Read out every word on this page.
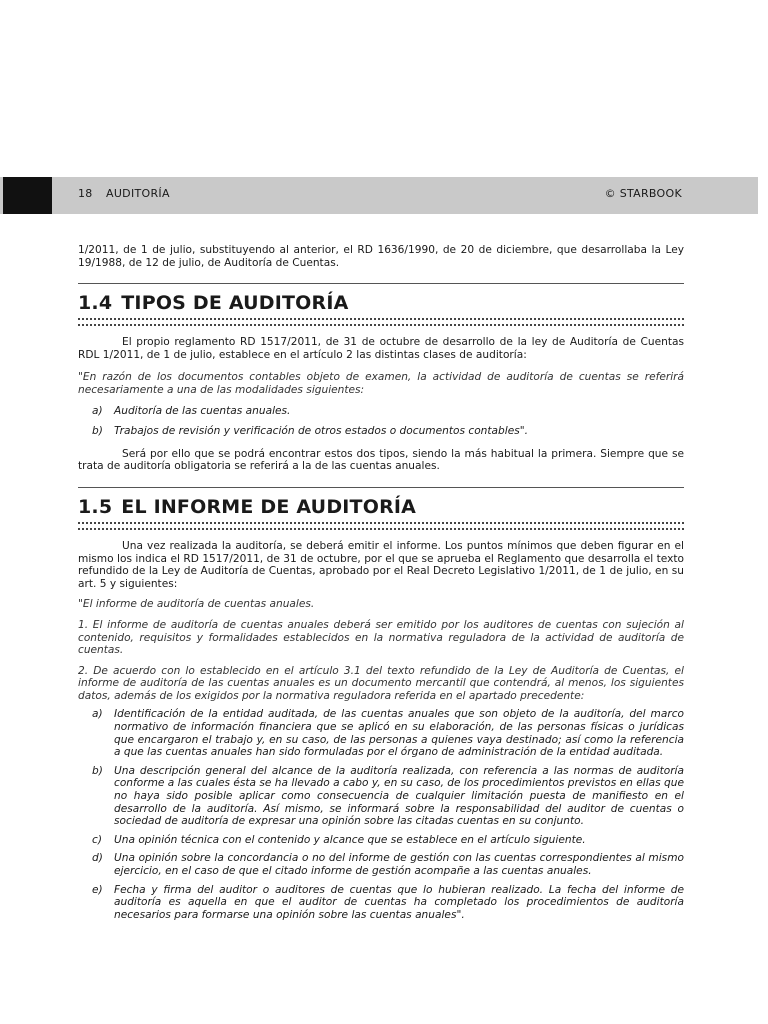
18 AUDITORÍA	© STARBOOK

1/2011, de 1 de julio, substituyendo al anterior, el RD 1636/1990, de 20 de diciembre, que desarrollaba la Ley 19/1988, de 12 de julio, de Auditoría de Cuentas.

1.4 TIPOS DE AUDITORÍA

El propio reglamento RD 1517/2011, de 31 de octubre de desarrollo de la ley de Auditoría de Cuentas RDL 1/2011, de 1 de julio, establece en el artículo 2 las distintas clases de auditoría:

"En razón de los documentos contables objeto de examen, la actividad de auditoría de cuentas se referirá necesariamente a una de las modalidades siguientes:

a)	Auditoría de las cuentas anuales.
b)	Trabajos de revisión y verificación de otros estados o documentos contables".

Será por ello que se podrá encontrar estos dos tipos, siendo la más habitual la primera. Siempre que se trata de auditoría obligatoria se referirá a la de las cuentas anuales.

1.5 EL INFORME DE AUDITORÍA

Una vez realizada la auditoría, se deberá emitir el informe. Los puntos mínimos que deben figurar en el mismo los indica el RD 1517/2011, de 31 de octubre, por el que se aprueba el Reglamento que desarrolla el texto refundido de la Ley de Auditoría de Cuentas, aprobado por el Real Decreto Legislativo 1/2011, de 1 de julio, en su art. 5 y siguientes:

"El informe de auditoría de cuentas anuales.

1. El informe de auditoría de cuentas anuales deberá ser emitido por los auditores de cuentas con sujeción al contenido, requisitos y formalidades establecidos en la normativa reguladora de la actividad de auditoría de cuentas.

2. De acuerdo con lo establecido en el artículo 3.1 del texto refundido de la Ley de Auditoría de Cuentas, el informe de auditoría de las cuentas anuales es un documento mercantil que contendrá, al menos, los siguientes datos, además de los exigidos por la normativa reguladora referida en el apartado precedente:

a)	Identificación de la entidad auditada, de las cuentas anuales que son objeto de la auditoría, del marco normativo de información financiera que se aplicó en su elaboración, de las personas físicas o jurídicas que encargaron el trabajo y, en su caso, de las personas a quienes vaya destinado; así como la referencia a que las cuentas anuales han sido formuladas por el órgano de administración de la entidad auditada.
b)	Una descripción general del alcance de la auditoría realizada, con referencia a las normas de auditoría conforme a las cuales ésta se ha llevado a cabo y, en su caso, de los procedimientos previstos en ellas que no haya sido posible aplicar como consecuencia de cualquier limitación puesta de manifiesto en el desarrollo de la auditoría. Así mismo, se informará sobre la responsabilidad del auditor de cuentas o sociedad de auditoría de expresar una opinión sobre las citadas cuentas en su conjunto.
c)	Una opinión técnica con el contenido y alcance que se establece en el artículo siguiente.
d)	Una opinión sobre la concordancia o no del informe de gestión con las cuentas correspondientes al mismo ejercicio, en el caso de que el citado informe de gestión acompañe a las cuentas anuales.
e)	Fecha y firma del auditor o auditores de cuentas que lo hubieran realizado. La fecha del informe de auditoría es aquella en que el auditor de cuentas ha completado los procedimientos de auditoría necesarios para formarse una opinión sobre las cuentas anuales".
